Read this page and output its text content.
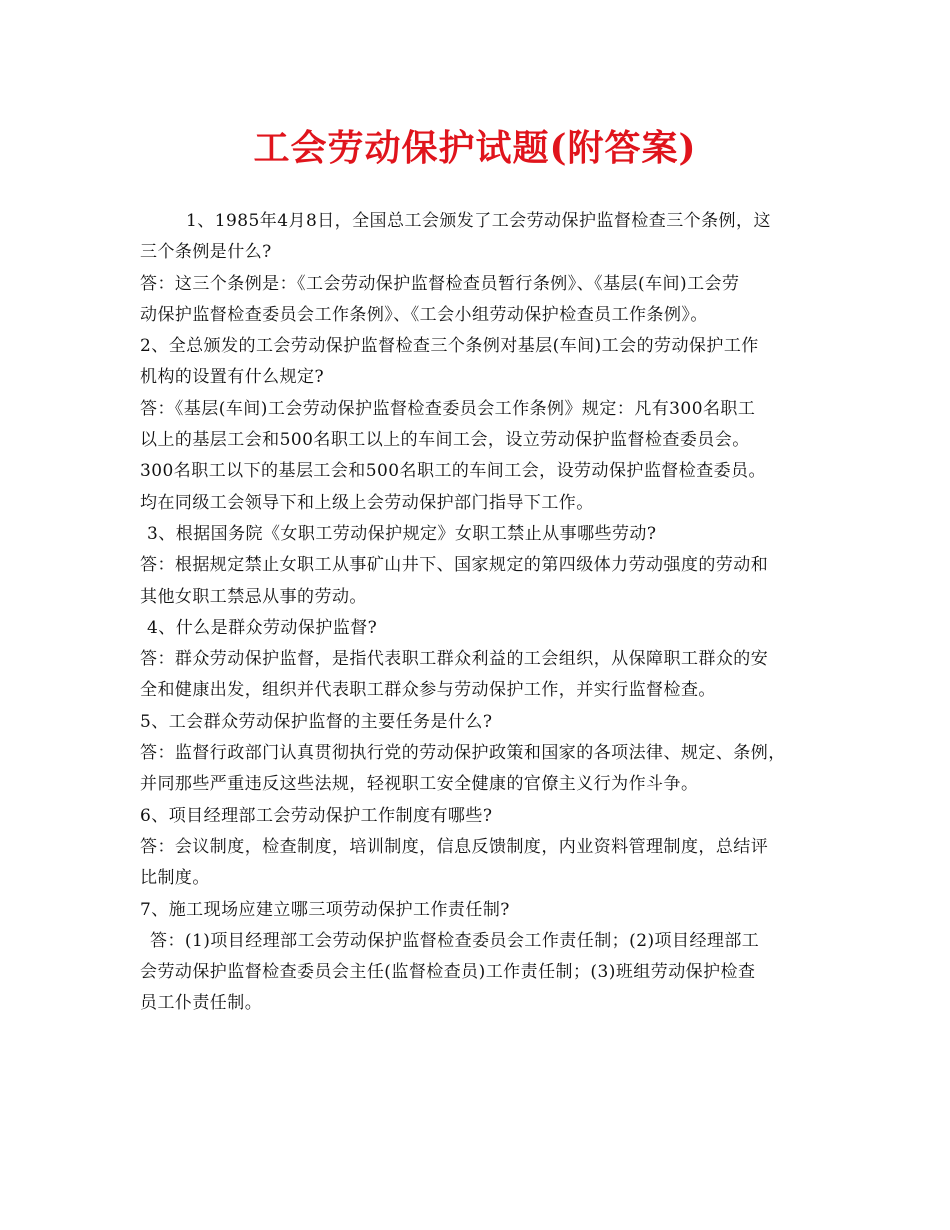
工会劳动保护试题(附答案)
1、1985年4月8日，全国总工会颁发了工会劳动保护监督检查三个条例，这
三个条例是什么?
答：这三个条例是：《工会劳动保护监督检查员暂行条例》、《基层(车间)工会劳
动保护监督检查委员会工作条例》、《工会小组劳动保护检查员工作条例》。
2、全总颁发的工会劳动保护监督检查三个条例对基层(车间)工会的劳动保护工作
机构的设置有什么规定?
答：《基层(车间)工会劳动保护监督检查委员会工作条例》规定：凡有300名职工
以上的基层工会和500名职工以上的车间工会，设立劳动保护监督检查委员会。
300名职工以下的基层工会和500名职工的车间工会，设劳动保护监督检查委员。
均在同级工会领导下和上级上会劳动保护部门指导下工作。
3、根据国务院《女职工劳动保护规定》女职工禁止从事哪些劳动?
答：根据规定禁止女职工从事矿山井下、国家规定的第四级体力劳动强度的劳动和
其他女职工禁忌从事的劳动。
4、什么是群众劳动保护监督?
答：群众劳动保护监督，是指代表职工群众利益的工会组织，从保障职工群众的安
全和健康出发，组织并代表职工群众参与劳动保护工作，并实行监督检查。
5、工会群众劳动保护监督的主要任务是什么?
答：监督行政部门认真贯彻执行党的劳动保护政策和国家的各项法律、规定、条例，
并同那些严重违反这些法规，轻视职工安全健康的官僚主义行为作斗争。
6、项目经理部工会劳动保护工作制度有哪些?
答：会议制度，检查制度，培训制度，信息反馈制度，内业资料管理制度，总结评
比制度。
7、施工现场应建立哪三项劳动保护工作责任制?
答：(1)项目经理部工会劳动保护监督检查委员会工作责任制；(2)项目经理部工
会劳动保护监督检查委员会主任(监督检查员)工作责任制；(3)班组劳动保护检查
员工仆责任制。
